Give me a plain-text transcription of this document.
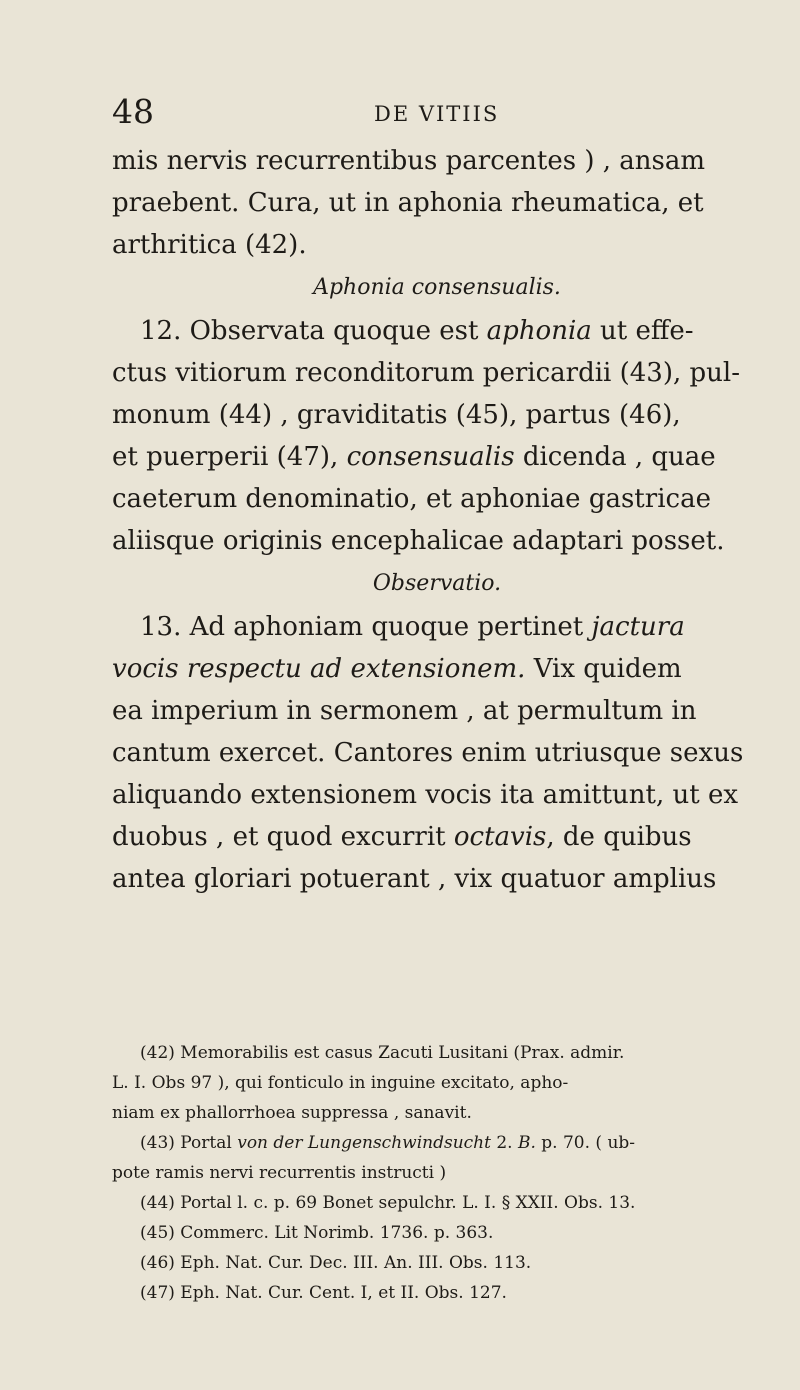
48	DE VITIIS
mis nervis recurrentibus parcentes ) , ansam
praebent. Cura, ut in aphonia rheumatica, et
arthritica (42).
Aphonia consensualis.
12. Observata quoque est aphonia ut effe-
ctus vitiorum reconditorum pericardii (43), pul-
monum (44) , graviditatis (45), partus (46),
et puerperii (47), consensualis dicenda , quae
caeterum denominatio, et aphoniae gastricae
aliisque originis encephalicae adaptari posset.
Observatio.
13. Ad aphoniam quoque pertinet jactura
vocis respectu ad extensionem. Vix quidem
ea imperium in sermonem , at permultum in
cantum exercet. Cantores enim utriusque sexus
aliquando extensionem vocis ita amittunt, ut ex
duobus , et quod excurrit octavis, de quibus
antea gloriari potuerant , vix quatuor amplius
(42) Memorabilis est casus Zacuti Lusitani (Prax. admir.
L. I. Obs 97 ), qui fonticulo in inguine excitato, apho-
niam ex phallorrhoea suppressa , sanavit.
(43) Portal von der Lungenschwindsucht 2. B. p. 70. ( ub-
pote ramis nervi recurrentis instructi )
(44) Portal l. c. p. 69 Bonet sepulchr. L. I. § XXII. Obs. 13.
(45) Commerc. Lit Norimb. 1736. p. 363.
(46) Eph. Nat. Cur. Dec. III. An. III. Obs. 113.
(47) Eph. Nat. Cur. Cent. I, et II. Obs. 127.
